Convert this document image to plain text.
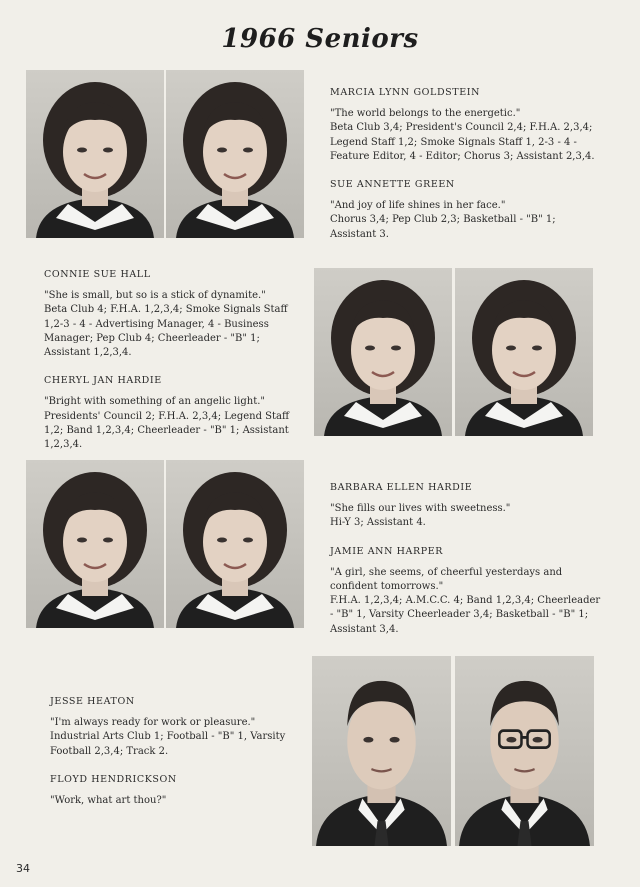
1966 Seniors
MARCIA LYNN GOLDSTEIN

"The world belongs to the energetic."

Beta Club 3,4; President's Council 2,4; F.H.A. 2,3,4; Legend Staff 1,2; Smoke Signals Staff 1, 2-3 - 4 - Feature Editor, 4 - Editor; Chorus 3; Assistant 2,3,4.

SUE ANNETTE GREEN

"And joy of life shines in her face."

Chorus 3,4; Pep Club 2,3; Basketball - "B" 1; Assistant 3.

CONNIE SUE HALL

"She is small, but so is a stick of dynamite."

Beta Club 4; F.H.A. 1,2,3,4; Smoke Signals Staff 1,2-3 - 4 - Advertising Manager, 4 - Business Manager; Pep Club 4; Cheerleader - "B" 1; Assistant 1,2,3,4.

CHERYL JAN HARDIE

"Bright with something of an angelic light."

Presidents' Council 2; F.H.A. 2,3,4; Legend Staff 1,2; Band 1,2,3,4; Cheerleader - "B" 1; Assistant 1,2,3,4.

BARBARA ELLEN HARDIE

"She fills our lives with sweetness."

Hi-Y 3; Assistant 4.

JAMIE ANN HARPER

"A girl, she seems, of cheerful yesterdays and confident tomorrows."

F.H.A. 1,2,3,4; A.M.C.C. 4; Band 1,2,3,4; Cheerleader - "B" 1, Varsity Cheerleader 3,4; Basketball - "B" 1; Assistant 3,4.

JESSE HEATON

"I'm always ready for work or pleasure."

Industrial Arts Club 1; Football - "B" 1, Varsity Football 2,3,4; Track 2.

FLOYD HENDRICKSON

"Work, what art thou?"

34
